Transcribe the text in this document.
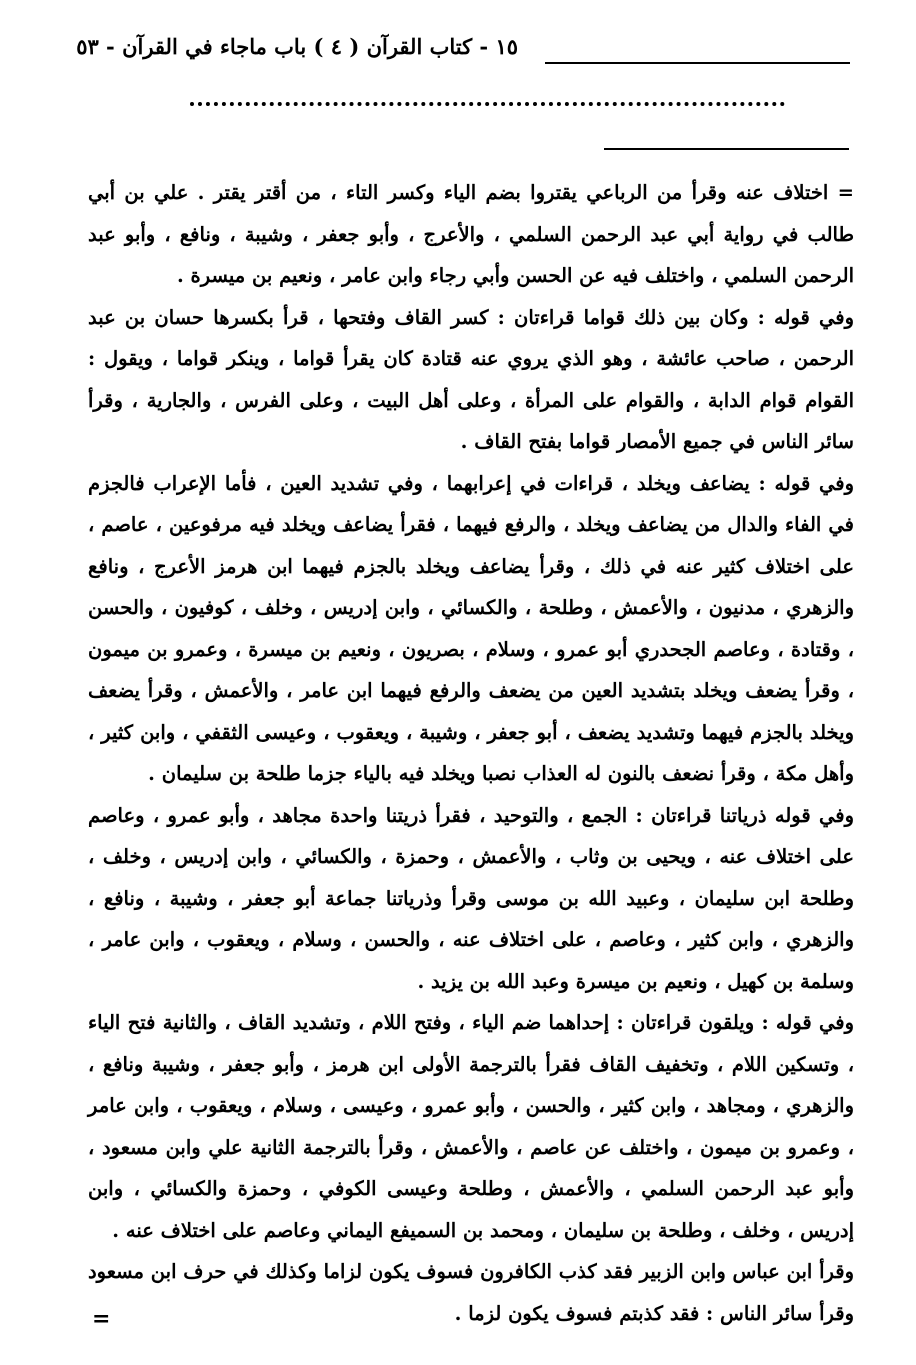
١٥ - كتاب القرآن ( ٤ ) باب ماجاء في القرآن - ٥٣

= اختلاف عنه وقرأ من الرباعي يقتروا بضم الياء وكسر التاء ، من أقتر يقتر . علي بن أبي طالب في رواية أبي عبد الرحمن السلمي ، والأعرج ، وأبو جعفر ، وشيبة ، ونافع ، وأبو عبد الرحمن السلمي ، واختلف فيه عن الحسن وأبي رجاء وابن عامر ، ونعيم بن ميسرة .

وفي قوله : وكان بين ذلك قواما قراءتان : كسر القاف وفتحها ، قرأ بكسرها حسان بن عبد الرحمن ، صاحب عائشة ، وهو الذي يروي عنه قتادة كان يقرأ قواما ، وينكر قواما ، ويقول : القوام قوام الدابة ، والقوام على المرأة ، وعلى أهل البيت ، وعلى الفرس ، والجارية ، وقرأ سائر الناس في جميع الأمصار قواما بفتح القاف .

وفي قوله : يضاعف ويخلد ، قراءات في إعرابهما ، وفي تشديد العين ، فأما الإعراب فالجزم في الفاء والدال من يضاعف ويخلد ، والرفع فيهما ، فقرأ يضاعف ويخلد فيه مرفوعين ، عاصم ، على اختلاف كثير عنه في ذلك ، وقرأ يضاعف ويخلد بالجزم فيهما ابن هرمز الأعرج ، ونافع والزهري ، مدنيون ، والأعمش ، وطلحة ، والكسائي ، وابن إدريس ، وخلف ، كوفيون ، والحسن ، وقتادة ، وعاصم الجحدري أبو عمرو ، وسلام ، بصريون ، ونعيم بن ميسرة ، وعمرو بن ميمون ، وقرأ يضعف ويخلد بتشديد العين من يضعف والرفع فيهما ابن عامر ، والأعمش ، وقرأ يضعف ويخلد بالجزم فيهما وتشديد يضعف ، أبو جعفر ، وشيبة ، ويعقوب ، وعيسى الثقفي ، وابن كثير ، وأهل مكة ، وقرأ نضعف بالنون له العذاب نصبا ويخلد فيه بالياء جزما طلحة بن سليمان .

وفي قوله ذرياتنا قراءتان : الجمع ، والتوحيد ، فقرأ ذريتنا واحدة مجاهد ، وأبو عمرو ، وعاصم على اختلاف عنه ، ويحيى بن وثاب ، والأعمش ، وحمزة ، والكسائي ، وابن إدريس ، وخلف ، وطلحة ابن سليمان ، وعبيد الله بن موسى وقرأ وذرياتنا جماعة أبو جعفر ، وشيبة ، ونافع ، والزهري ، وابن كثير ، وعاصم ، على اختلاف عنه ، والحسن ، وسلام ، ويعقوب ، وابن عامر ، وسلمة بن كهيل ، ونعيم بن ميسرة وعبد الله بن يزيد .

وفي قوله : ويلقون قراءتان : إحداهما ضم الياء ، وفتح اللام ، وتشديد القاف ، والثانية فتح الياء ، وتسكين اللام ، وتخفيف القاف فقرأ بالترجمة الأولى ابن هرمز ، وأبو جعفر ، وشيبة ونافع ، والزهري ، ومجاهد ، وابن كثير ، والحسن ، وأبو عمرو ، وعيسى ، وسلام ، ويعقوب ، وابن عامر ، وعمرو بن ميمون ، واختلف عن عاصم ، والأعمش ، وقرأ بالترجمة الثانية علي وابن مسعود ، وأبو عبد الرحمن السلمي ، والأعمش ، وطلحة وعيسى الكوفي ، وحمزة والكسائي ، وابن إدريس ، وخلف ، وطلحة بن سليمان ، ومحمد بن السميفع اليماني وعاصم على اختلاف عنه .

وقرأ ابن عباس وابن الزبير فقد كذب الكافرون فسوف يكون لزاما وكذلك في حرف ابن مسعود وقرأ سائر الناس : فقد كذبتم فسوف يكون لزما .

=
